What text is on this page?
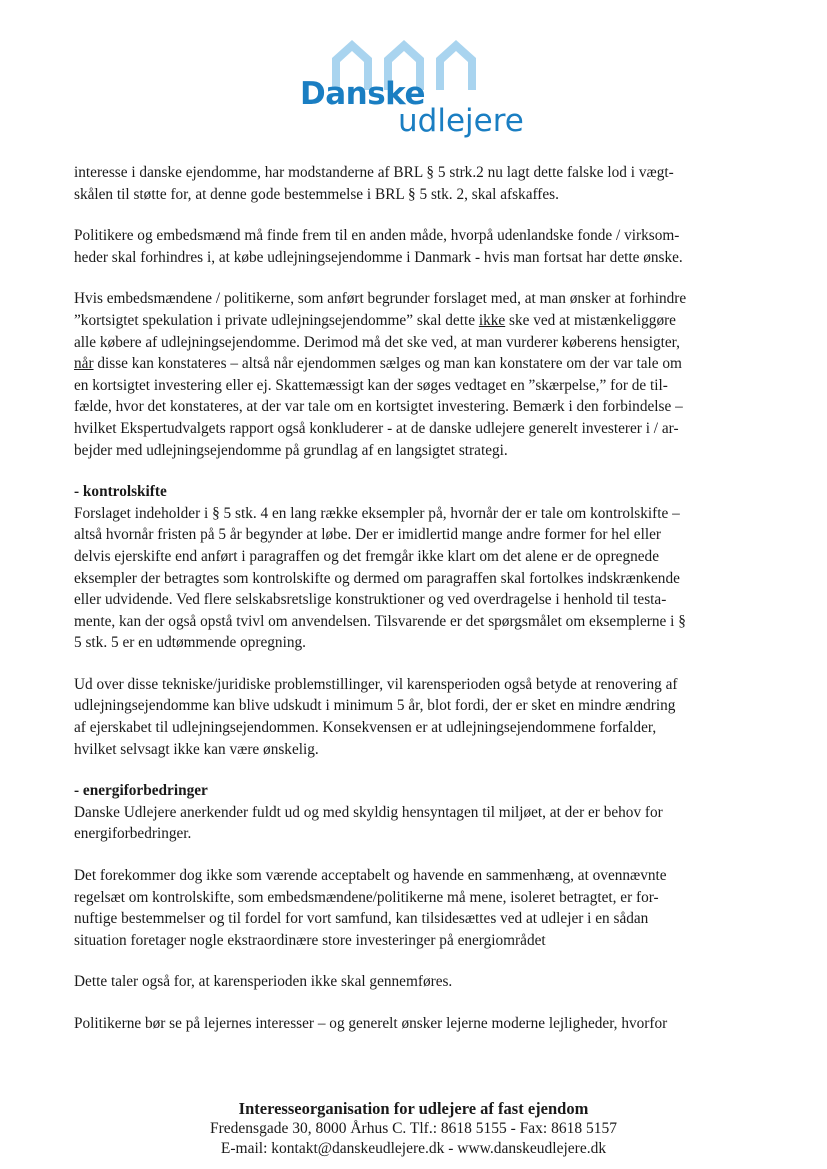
Danske
udlejere
interesse i danske ejendomme, har modstanderne af BRL § 5 strk.2 nu lagt dette falske lod i vægt-
skålen til støtte for, at denne gode bestemmelse i BRL § 5 stk. 2, skal afskaffes.
Politikere og embedsmænd må finde frem til en anden måde, hvorpå udenlandske fonde / virksom-
heder skal forhindres i, at købe udlejningsejendomme i Danmark - hvis man fortsat har dette ønske.
Hvis embedsmændene / politikerne, som anført begrunder forslaget med, at man ønsker at forhindre
”kortsigtet spekulation i private udlejningsejendomme” skal dette ikke ske ved at mistænkeliggøre
alle købere af udlejningsejendomme. Derimod må det ske ved, at man vurderer køberens hensigter,
når disse kan konstateres – altså når ejendommen sælges og man kan konstatere om der var tale om
en kortsigtet investering eller ej. Skattemæssigt kan der søges vedtaget en ”skærpelse,” for de til-
fælde, hvor det konstateres, at der var tale om en kortsigtet investering. Bemærk i den forbindelse –
hvilket Ekspertudvalgets rapport også konkluderer - at de danske udlejere generelt investerer i / ar-
bejder med udlejningsejendomme på grundlag af en langsigtet strategi.
- kontrolskifte
Forslaget indeholder i § 5 stk. 4 en lang række eksempler på, hvornår der er tale om kontrolskifte –
altså hvornår fristen på 5 år begynder at løbe. Der er imidlertid mange andre former for hel eller
delvis ejerskifte end anført i paragraffen og det fremgår ikke klart om det alene er de opregnede
eksempler der betragtes som kontrolskifte og dermed om paragraffen skal fortolkes indskrænkende
eller udvidende. Ved flere selskabsretslige konstruktioner og ved overdragelse i henhold til testa-
mente, kan der også opstå tvivl om anvendelsen. Tilsvarende er det spørgsmålet om eksemplerne i §
5 stk. 5 er en udtømmende opregning.
Ud over disse tekniske/juridiske problemstillinger, vil karensperioden også betyde at renovering af
udlejningsejendomme kan blive udskudt i minimum 5 år, blot fordi, der er sket en mindre ændring
af ejerskabet til udlejningsejendommen. Konsekvensen er at udlejningsejendommene forfalder,
hvilket selvsagt ikke kan være ønskelig.
- energiforbedringer
Danske Udlejere anerkender fuldt ud og med skyldig hensyntagen til miljøet, at der er behov for
energiforbedringer.
Det forekommer dog ikke som værende acceptabelt og havende en sammenhæng, at ovennævnte
regelsæt om kontrolskifte, som embedsmændene/politikerne må mene, isoleret betragtet, er for-
nuftige bestemmelser og til fordel for vort samfund, kan tilsidesættes ved at udlejer i en sådan
situation foretager nogle ekstraordinære store investeringer på energiområdet
Dette taler også for, at karensperioden ikke skal gennemføres.
Politikerne bør se på lejernes interesser – og generelt ønsker lejerne moderne lejligheder, hvorfor
Interesseorganisation for udlejere af fast ejendom
Fredensgade 30, 8000 Århus C. Tlf.: 8618 5155 - Fax: 8618 5157
E-mail: kontakt@danskeudlejere.dk - www.danskeudlejere.dk
